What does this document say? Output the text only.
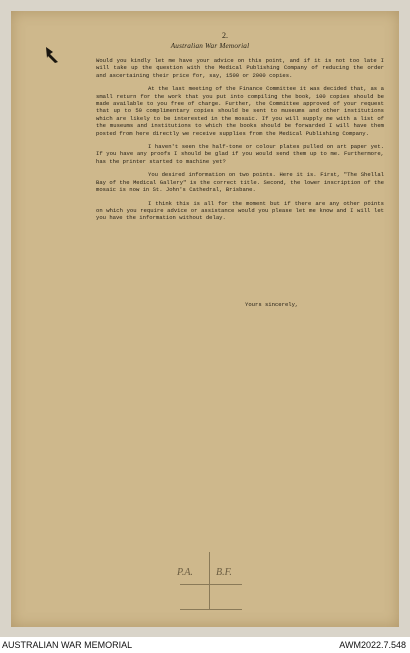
2.
Australian War Memorial

Would you kindly let me have your advice on this point, and if it is not too late I will take up the question with the Medical Publishing Company of reducing the order and ascertaining their price for, say, 1500 or 2000 copies.

At the last meeting of the Finance Committee it was decided that, as a small return for the work that you put into compiling the book, 100 copies should be made available to you free of charge. Further, the Committee approved of your request that up to 50 complimentary copies should be sent to museums and other institutions which are likely to be interested in the mosaic. If you will supply me with a list of the museums and institutions to which the books should be forwarded I will have them posted from here directly we receive supplies from the Medical Publishing Company.

I haven't seen the half-tone or colour plates pulled on art paper yet. If you have any proofs I should be glad if you would send them up to me. Furthermore, has the printer started to machine yet?

You desired information on two points. Here it is. First, "The Shellal Bay of the Medical Gallery" is the correct title. Second, the lower inscription of the mosaic is now in St. John's Cathedral, Brisbane.

I think this is all for the moment but if there are any other points on which you require advice or assistance would you please let me know and I will let you have the information without delay.

Yours sincerely,
P.A. B.F.
AUSTRALIAN WAR MEMORIAL	AWM2022.7.548
